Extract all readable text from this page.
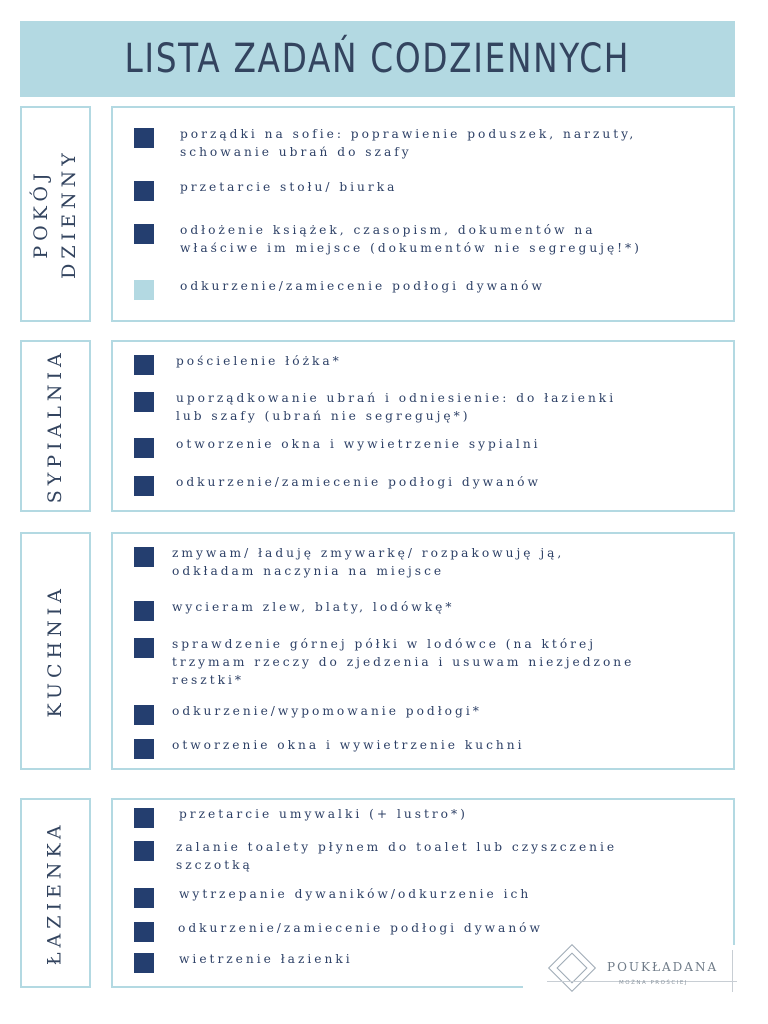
LISTA ZADAŃ CODZIENNYCH
POKÓJ
DZIENNY
porządki na sofie: poprawienie poduszek, narzuty,
schowanie ubrań do szafy
przetarcie stołu/ biurka
odłożenie książek, czasopism, dokumentów na
właściwe im miejsce (dokumentów nie segreguję!*)
odkurzenie/zamiecenie podłogi dywanów
SYPIALNIA	pościelenie łóżka*
uporządkowanie ubrań i odniesienie: do łazienki
lub szafy (ubrań nie segreguję*)
otworzenie okna i wywietrzenie sypialni
odkurzenie/zamiecenie podłogi dywanów
KUCHNIA
zmywam/ ładuję zmywarkę/ rozpakowuję ją,
odkładam naczynia na miejsce
wycieram zlew, blaty, lodówkę*
sprawdzenie górnej półki w lodówce (na której
trzymam rzeczy do zjedzenia i usuwam niezjedzone
resztki*
odkurzenie/wypomowanie podłogi*
otworzenie okna i wywietrzenie kuchni
ŁAZIENKA
przetarcie umywalki (+ lustro*)
zalanie toalety płynem do toalet lub czyszczenie
szczotką
wytrzepanie dywaników/odkurzenie ich
odkurzenie/zamiecenie podłogi dywanów
wietrzenie łazienki
POUKŁADANA
MOŻNA PROŚCIEJ
